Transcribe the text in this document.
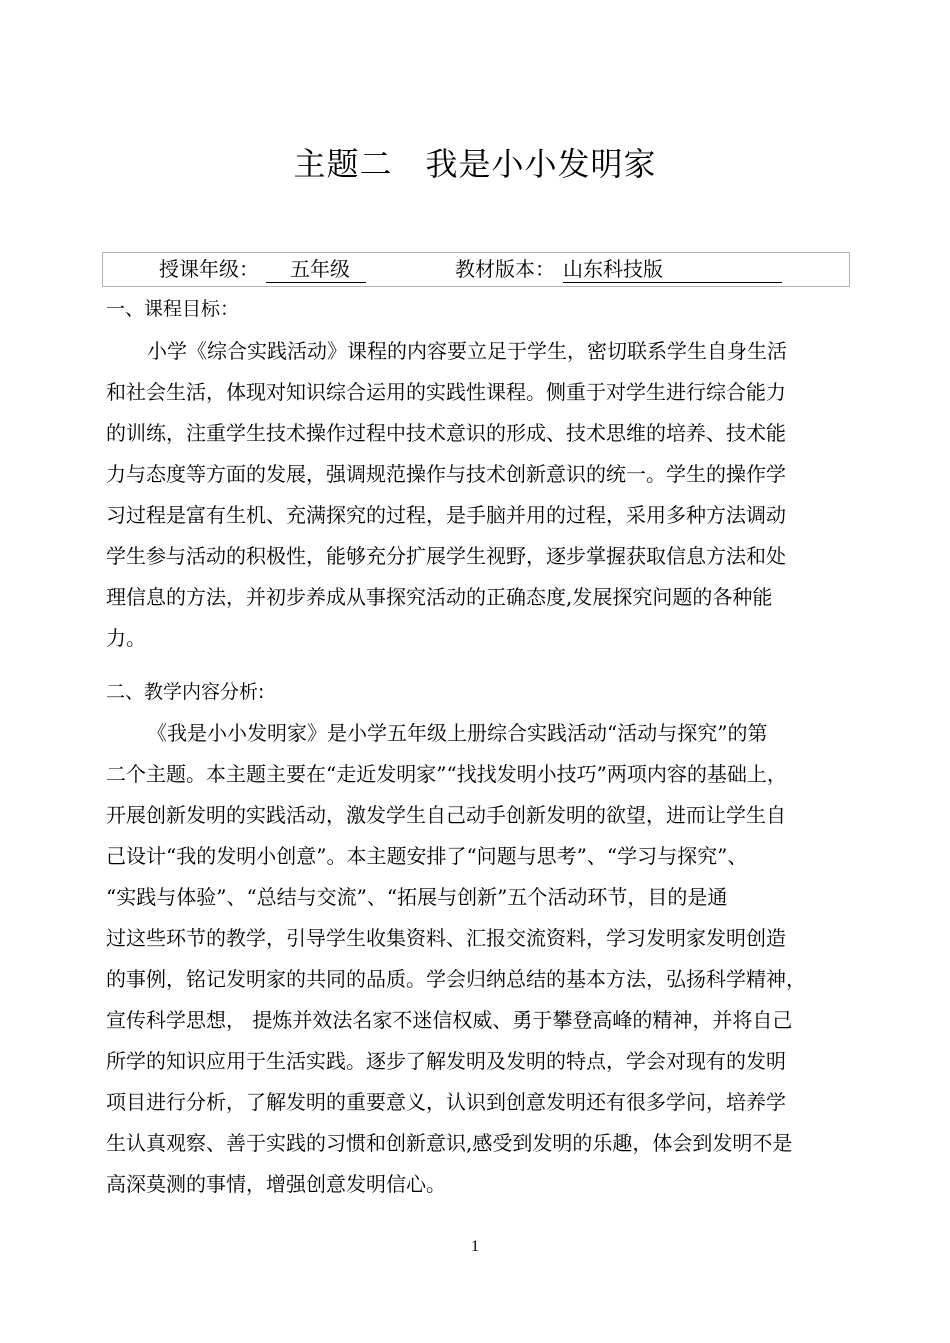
主题二　我是小小发明家
授课年级：	五年级	教材版本： 山东科技版
一、课程目标：
小学《综合实践活动》课程的内容要立足于学生，密切联系学生自身生活
和社会生活，体现对知识综合运用的实践性课程。侧重于对学生进行综合能力
的训练，注重学生技术操作过程中技术意识的形成、技术思维的培养、技术能
力与态度等方面的发展，强调规范操作与技术创新意识的统一。学生的操作学
习过程是富有生机、充满探究的过程，是手脑并用的过程，采用多种方法调动
学生参与活动的积极性，能够充分扩展学生视野，逐步掌握获取信息方法和处
理信息的方法，并初步养成从事探究活动的正确态度,发展探究问题的各种能
力。
二、教学内容分析:
《我是小小发明家》是小学五年级上册综合实践活动“活动与探究”的第
二个主题。本主题主要在“走近发明家”“找找发明小技巧”两项内容的基础上，
开展创新发明的实践活动，激发学生自己动手创新发明的欲望，进而让学生自
己设计“我的发明小创意”。本主题安排了“问题与思考”、“学习与探究”、
“实践与体验”、“总结与交流”、“拓展与创新”五个活动环节，目的是通
过这些环节的教学，引导学生收集资料、汇报交流资料，学习发明家发明创造
的事例，铭记发明家的共同的品质。学会归纳总结的基本方法，弘扬科学精神，
宣传科学思想， 提炼并效法名家不迷信权威、勇于攀登高峰的精神，并将自己
所学的知识应用于生活实践。逐步了解发明及发明的特点，学会对现有的发明
项目进行分析，了解发明的重要意义，认识到创意发明还有很多学问，培养学
生认真观察、善于实践的习惯和创新意识,感受到发明的乐趣，体会到发明不是
高深莫测的事情，增强创意发明信心。
1
